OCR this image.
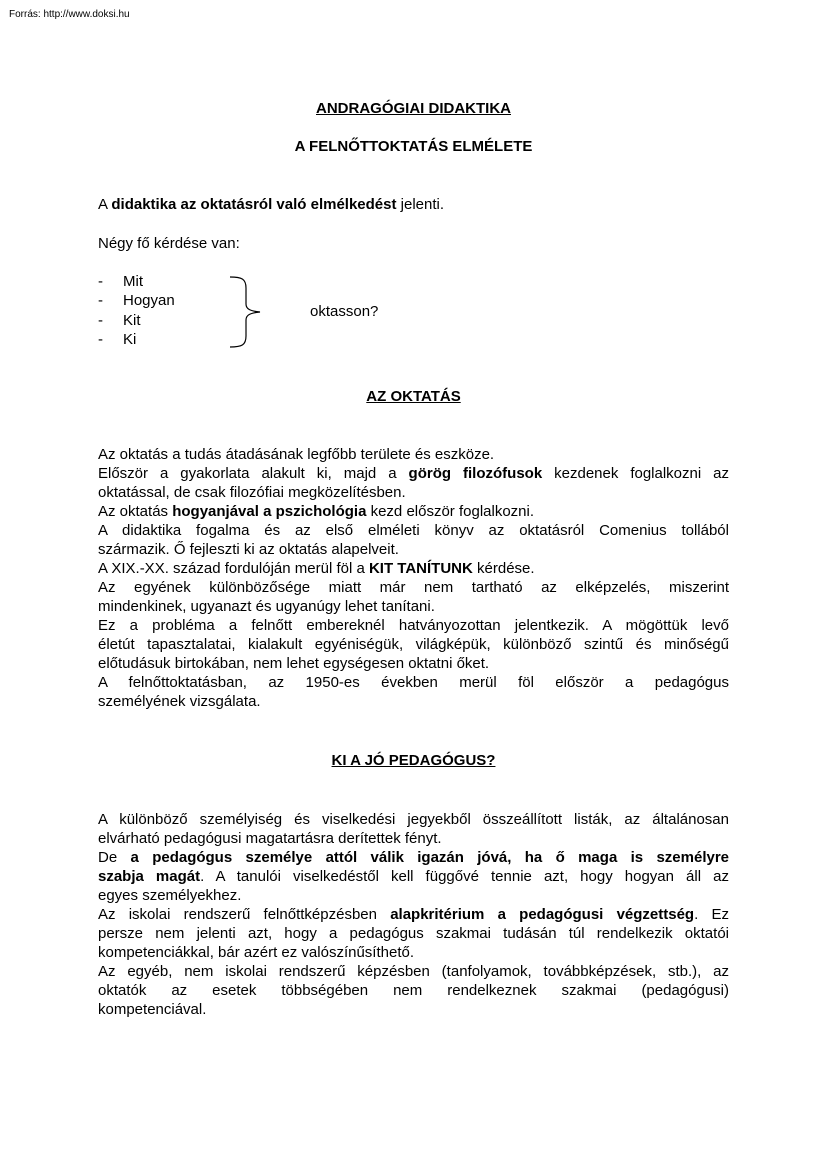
Forrás: http://www.doksi.hu
ANDRAGÓGIAI DIDAKTIKA
A FELNŐTTOKTATÁS ELMÉLETE
A didaktika az oktatásról való elmélkedést jelenti.
Négy fő kérdése van:
- Mit
- Hogyan
- Kit
- Ki
oktasson?
AZ OKTATÁS
Az oktatás a tudás átadásának legfőbb területe és eszköze.
Először a gyakorlata alakult ki, majd a görög filozófusok kezdenek foglalkozni az
oktatással, de csak filozófiai megközelítésben.
Az oktatás hogyanjával a pszichológia kezd először foglalkozni.
A didaktika fogalma és az első elméleti könyv az oktatásról Comenius tollából
származik. Ő fejleszti ki az oktatás alapelveit.
A XIX.-XX. század fordulóján merül föl a KIT TANÍTUNK kérdése.
Az egyének különbözősége miatt már nem tartható az elképzelés, miszerint
mindenkinek, ugyanazt és ugyanúgy lehet tanítani.
Ez a probléma a felnőtt embereknél hatványozottan jelentkezik. A mögöttük levő
életút tapasztalatai, kialakult egyéniségük, világképük, különböző szintű és minőségű
előtudásuk birtokában, nem lehet egységesen oktatni őket.
A felnőttoktatásban, az 1950-es években merül föl először a pedagógus
személyének vizsgálata.
KI A JÓ PEDAGÓGUS?
A különböző személyiség és viselkedési jegyekből összeállított listák, az általánosan
elvárható pedagógusi magatartásra derítettek fényt.
De a pedagógus személye attól válik igazán jóvá, ha ő maga is személyre
szabja magát. A tanulói viselkedéstől kell függővé tennie azt, hogy hogyan áll az
egyes személyekhez.
Az iskolai rendszerű felnőttképzésben alapkritérium a pedagógusi végzettség. Ez
persze nem jelenti azt, hogy a pedagógus szakmai tudásán túl rendelkezik oktatói
kompetenciákkal, bár azért ez valószínűsíthető.
Az egyéb, nem iskolai rendszerű képzésben (tanfolyamok, továbbképzések, stb.), az
oktatók az esetek többségében nem rendelkeznek szakmai (pedagógusi)
kompetenciával.
